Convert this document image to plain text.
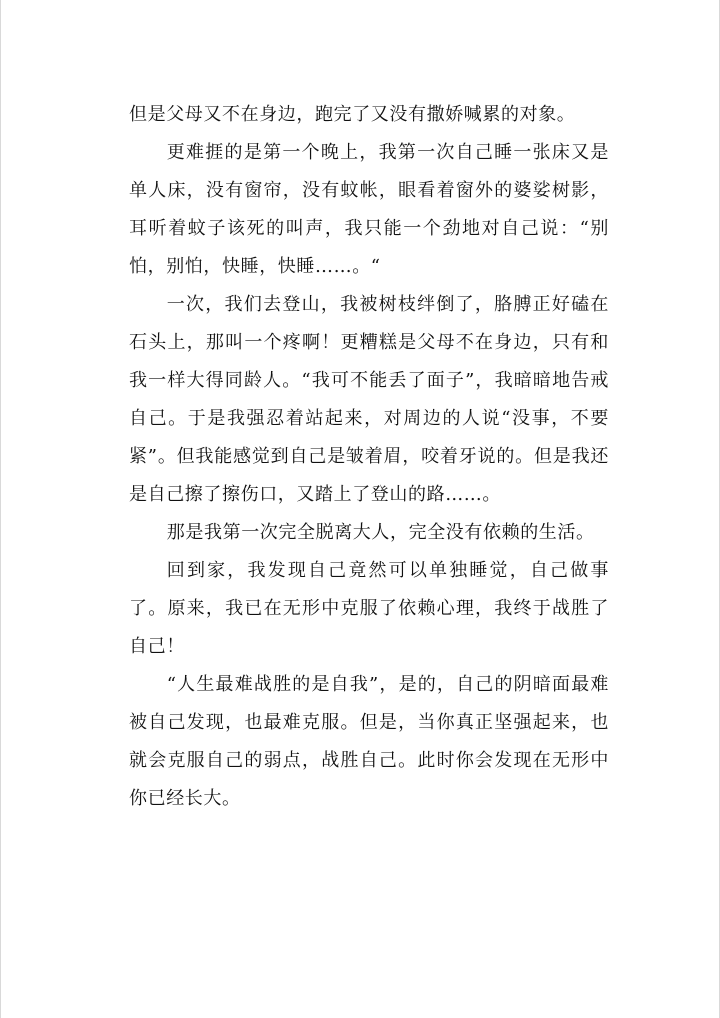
但是父母又不在身边，跑完了又没有撒娇喊累的对象。

更难捱的是第一个晚上，我第一次自己睡一张床又是单人床，没有窗帘，没有蚊帐，眼看着窗外的婆娑树影，耳听着蚊子该死的叫声，我只能一个劲地对自己说：“别怕，别怕，快睡，快睡……。“

一次，我们去登山，我被树枝绊倒了，胳膊正好磕在石头上，那叫一个疼啊！更糟糕是父母不在身边，只有和我一样大得同龄人。“我可不能丢了面子”，我暗暗地告戒自己。于是我强忍着站起来，对周边的人说“没事，不要紧”。但我能感觉到自己是皱着眉，咬着牙说的。但是我还是自己擦了擦伤口，又踏上了登山的路……。

那是我第一次完全脱离大人，完全没有依赖的生活。

回到家，我发现自己竟然可以单独睡觉，自己做事了。原来，我已在无形中克服了依赖心理，我终于战胜了自己！

“人生最难战胜的是自我”，是的，自己的阴暗面最难被自己发现，也最难克服。但是，当你真正坚强起来，也就会克服自己的弱点，战胜自己。此时你会发现在无形中你已经长大。
